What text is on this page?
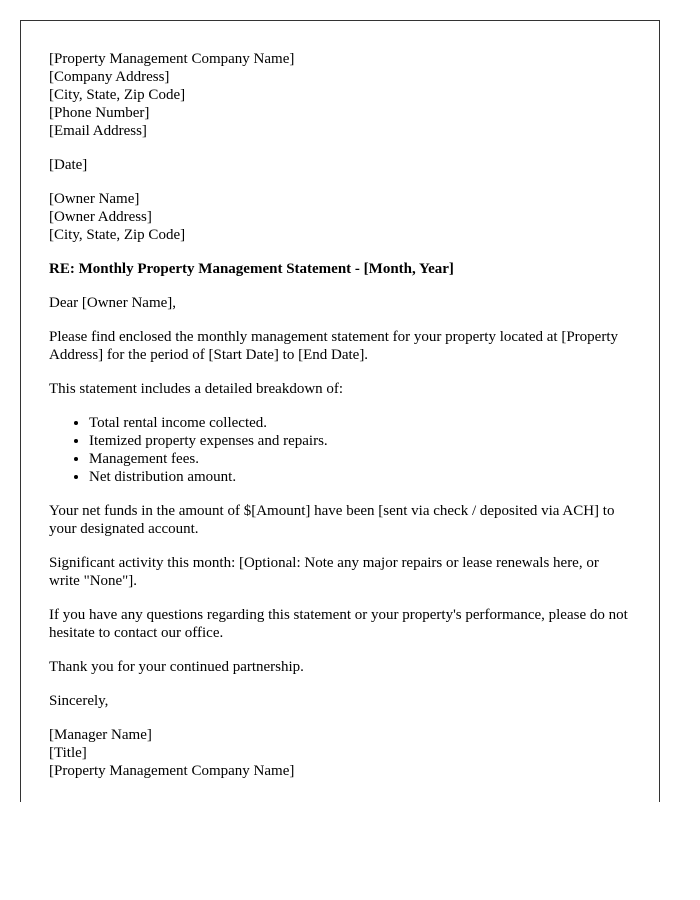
[Property Management Company Name]
[Company Address]
[City, State, Zip Code]
[Phone Number]
[Email Address]

[Date]

[Owner Name]
[Owner Address]
[City, State, Zip Code]

RE: Monthly Property Management Statement - [Month, Year]

Dear [Owner Name],

Please find enclosed the monthly management statement for your property located at [Property Address] for the period of [Start Date] to [End Date].

This statement includes a detailed breakdown of:

• Total rental income collected.
• Itemized property expenses and repairs.
• Management fees.
• Net distribution amount.

Your net funds in the amount of $[Amount] have been [sent via check / deposited via ACH] to your designated account.

Significant activity this month: [Optional: Note any major repairs or lease renewals here, or write "None"].

If you have any questions regarding this statement or your property's performance, please do not hesitate to contact our office.

Thank you for your continued partnership.

Sincerely,

[Manager Name]
[Title]
[Property Management Company Name]
